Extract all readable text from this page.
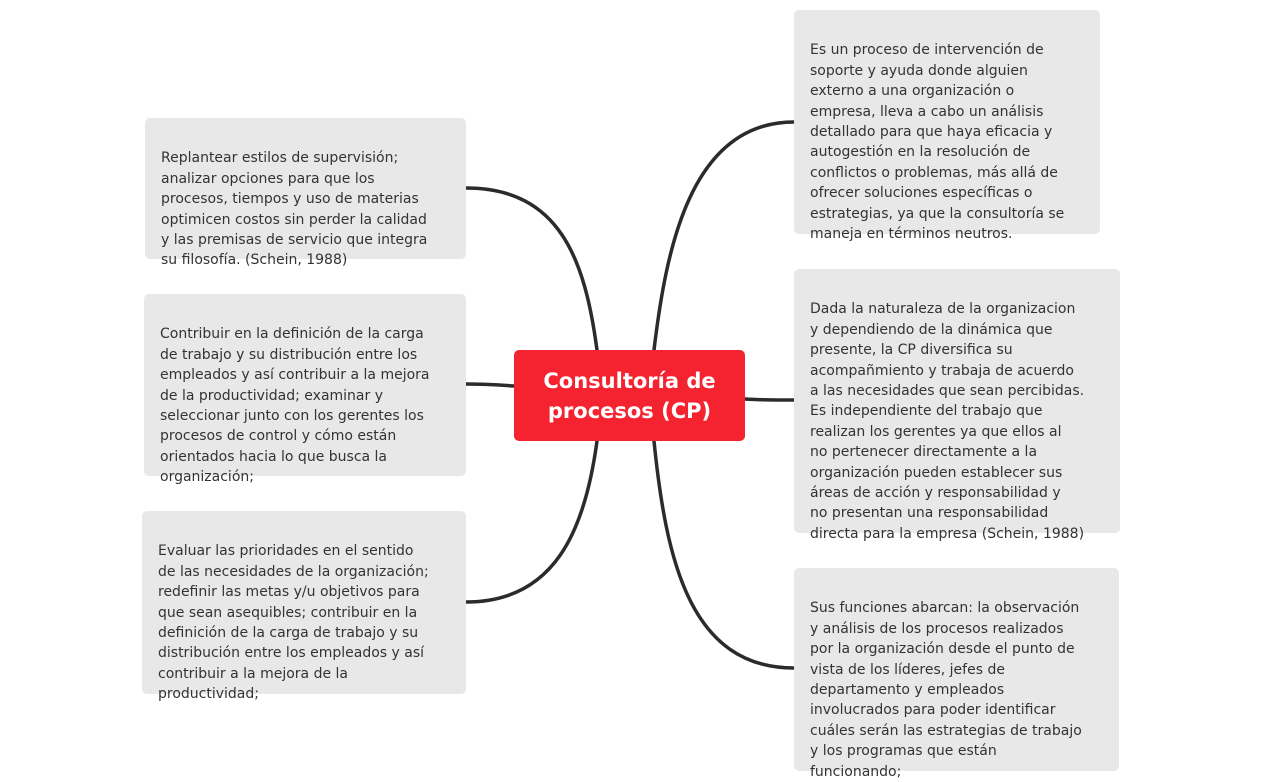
Replantear estilos de supervisión;
analizar opciones para que los
procesos, tiempos y uso de materias
optimicen costos sin perder la calidad
y las premisas de servicio que integra
su filosofía. (Schein, 1988)

Contribuir en la definición de la carga
de trabajo y su distribución entre los
empleados y así contribuir a la mejora
de la productividad; examinar y
seleccionar junto con los gerentes los
procesos de control y cómo están
orientados hacia lo que busca la
organización;

Evaluar las prioridades en el sentido
de las necesidades de la organización;
redefinir las metas y/u objetivos para
que sean asequibles; contribuir en la
definición de la carga de trabajo y su
distribución entre los empleados y así
contribuir a la mejora de la
productividad;

Consultoría de
procesos (CP)

Es un proceso de intervención de
soporte y ayuda donde alguien
externo a una organización o
empresa, lleva a cabo un análisis
detallado para que haya eficacia y
autogestión en la resolución de
conflictos o problemas, más allá de
ofrecer soluciones específicas o
estrategias, ya que la consultoría se
maneja en términos neutros.

Dada la naturaleza de la organizacion
y dependiendo de la dinámica que
presente, la CP diversifica su
acompañmiento y trabaja de acuerdo
a las necesidades que sean percibidas.
Es independiente del trabajo que
realizan los gerentes ya que ellos al
no pertenecer directamente a la
organización pueden establecer sus
áreas de acción y responsabilidad y
no presentan una responsabilidad
directa para la empresa (Schein, 1988)

Sus funciones abarcan: la observación
y análisis de los procesos realizados
por la organización desde el punto de
vista de los líderes, jefes de
departamento y empleados
involucrados para poder identificar
cuáles serán las estrategias de trabajo
y los programas que están
funcionando;
